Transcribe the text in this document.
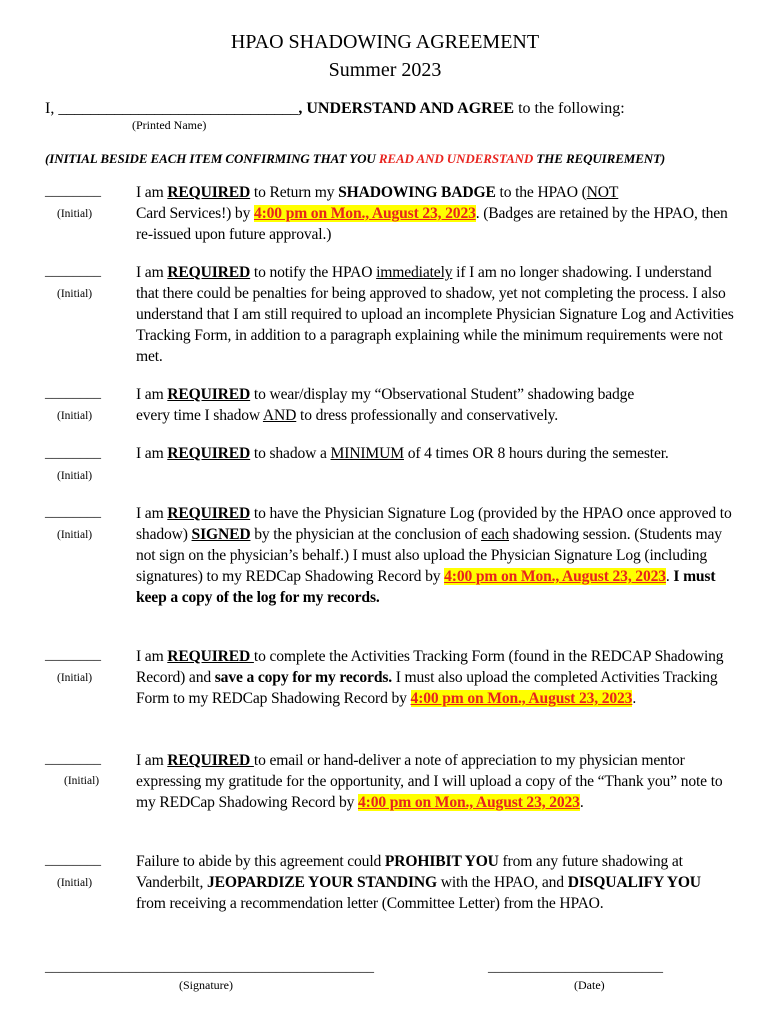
HPAO SHADOWING AGREEMENT
Summer 2023
I, ______________________________, UNDERSTAND AND AGREE to the following:
(Printed Name)
(INITIAL BESIDE EACH ITEM CONFIRMING THAT YOU READ AND UNDERSTAND THE REQUIREMENT)
________
(Initial)
________
(Initial)
________
(Initial)
________
(Initial)
________
(Initial)
________
(Initial)
________
(Initial)
________
(Initial)
I am REQUIRED to Return my SHADOWING BADGE to the HPAO (NOT
Card Services!) by 4:00 pm on Mon., August 23, 2023. (Badges are retained by the HPAO, then re-issued upon future approval.)
I am REQUIRED to notify the HPAO immediately if I am no longer shadowing. I understand that there could be penalties for being approved to shadow, yet not completing the process. I also understand that I am still required to upload an incomplete Physician Signature Log and Activities Tracking Form, in addition to a paragraph explaining while the minimum requirements were not met.
I am REQUIRED to wear/display my “Observational Student” shadowing badge
every time I shadow AND to dress professionally and conservatively.
I am REQUIRED to shadow a MINIMUM of 4 times OR 8 hours during the semester.
I am REQUIRED to have the Physician Signature Log (provided by the HPAO once approved to shadow) SIGNED by the physician at the conclusion of each shadowing session. (Students may not sign on the physician’s behalf.) I must also upload the Physician Signature Log (including signatures) to my REDCap Shadowing Record by 4:00 pm on Mon., August 23, 2023. I must keep a copy of the log for my records.
I am REQUIRED to complete the Activities Tracking Form (found in the REDCAP Shadowing Record) and save a copy for my records. I must also upload the completed Activities Tracking Form to my REDCap Shadowing Record by 4:00 pm on Mon., August 23, 2023.
I am REQUIRED to email or hand-deliver a note of appreciation to my physician mentor expressing my gratitude for the opportunity, and I will upload a copy of the “Thank you” note to my REDCap Shadowing Record by 4:00 pm on Mon., August 23, 2023.
Failure to abide by this agreement could PROHIBIT YOU from any future shadowing at Vanderbilt, JEOPARDIZE YOUR STANDING with the HPAO, and DISQUALIFY YOU from receiving a recommendation letter (Committee Letter) from the HPAO.
_______________________________________________
(Signature)
_________________________
(Date)
